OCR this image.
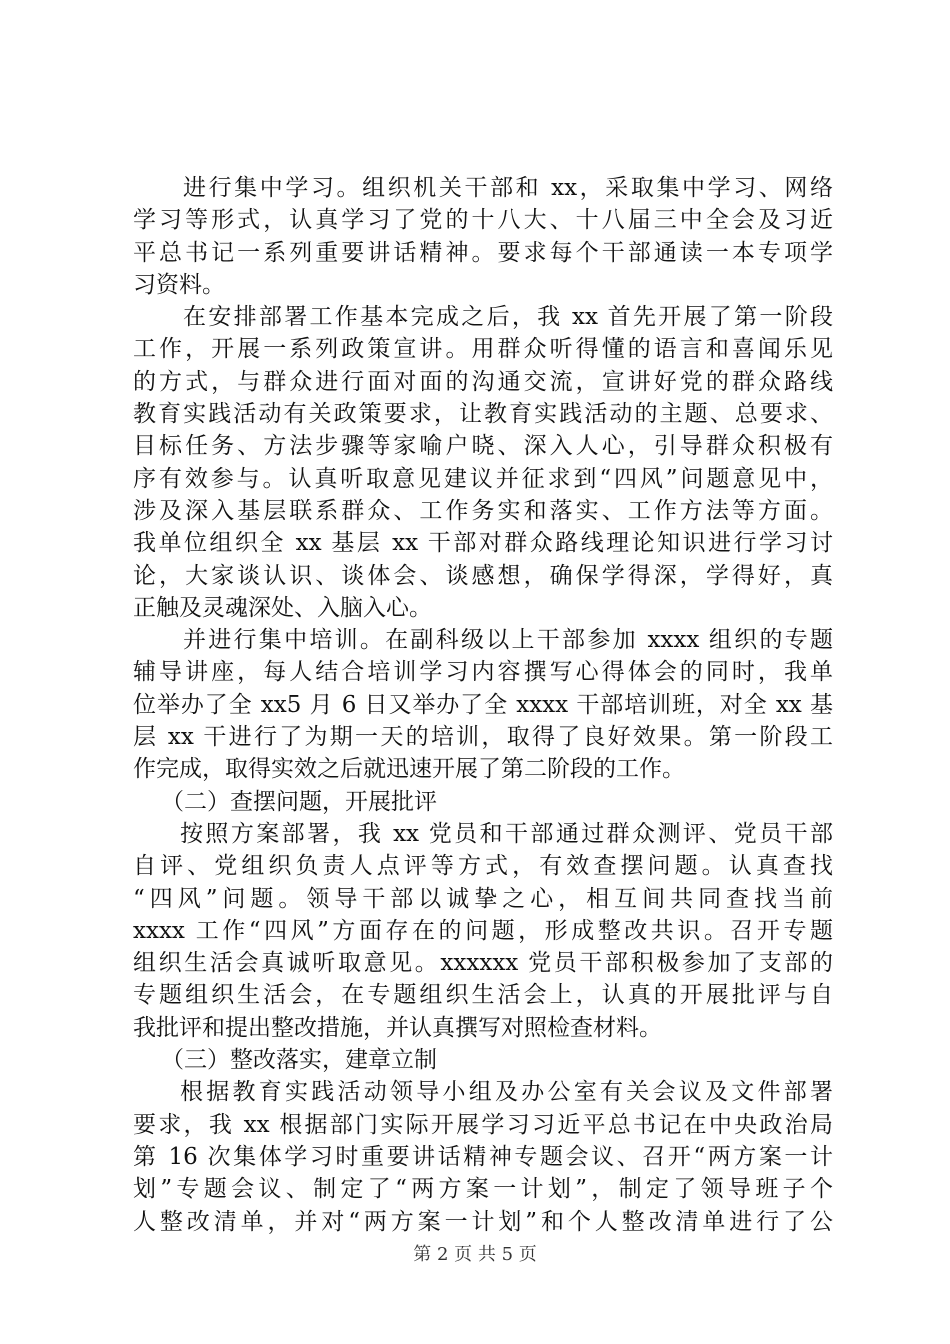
进行集中学习。组织机关干部和 xx，采取集中学习、网络
学习等形式，认真学习了党的十八大、十八届三中全会及习近
平总书记一系列重要讲话精神。要求每个干部通读一本专项学
习资料。
在安排部署工作基本完成之后，我 xx 首先开展了第一阶段
工作，开展一系列政策宣讲。用群众听得懂的语言和喜闻乐见
的方式，与群众进行面对面的沟通交流，宣讲好党的群众路线
教育实践活动有关政策要求，让教育实践活动的主题、总要求、
目标任务、方法步骤等家喻户晓、深入人心，引导群众积极有
序有效参与。认真听取意见建议并征求到“四风”问题意见中，
涉及深入基层联系群众、工作务实和落实、工作方法等方面。
我单位组织全 xx 基层 xx 干部对群众路线理论知识进行学习讨
论，大家谈认识、谈体会、谈感想，确保学得深，学得好，真
正触及灵魂深处、入脑入心。
并进行集中培训。在副科级以上干部参加 xxxx 组织的专题
辅导讲座，每人结合培训学习内容撰写心得体会的同时，我单
位举办了全 xx5 月 6 日又举办了全 xxxx 干部培训班，对全 xx 基
层 xx 干进行了为期一天的培训，取得了良好效果。第一阶段工
作完成，取得实效之后就迅速开展了第二阶段的工作。
（二）查摆问题，开展批评
按照方案部署，我 xx 党员和干部通过群众测评、党员干部
自评、党组织负责人点评等方式，有效查摆问题。认真查找
“四风”问题。领导干部以诚挚之心，相互间共同查找当前
xxxx 工作“四风”方面存在的问题，形成整改共识。召开专题
组织生活会真诚听取意见。xxxxxx 党员干部积极参加了支部的
专题组织生活会，在专题组织生活会上，认真的开展批评与自
我批评和提出整改措施，并认真撰写对照检查材料。
（三）整改落实，建章立制
根据教育实践活动领导小组及办公室有关会议及文件部署
要求，我 xx 根据部门实际开展学习习近平总书记在中央政治局
第 16 次集体学习时重要讲话精神专题会议、召开“两方案一计
划”专题会议、制定了“两方案一计划”，制定了领导班子个
人整改清单，并对“两方案一计划”和个人整改清单进行了公
第 2 页 共 5 页
